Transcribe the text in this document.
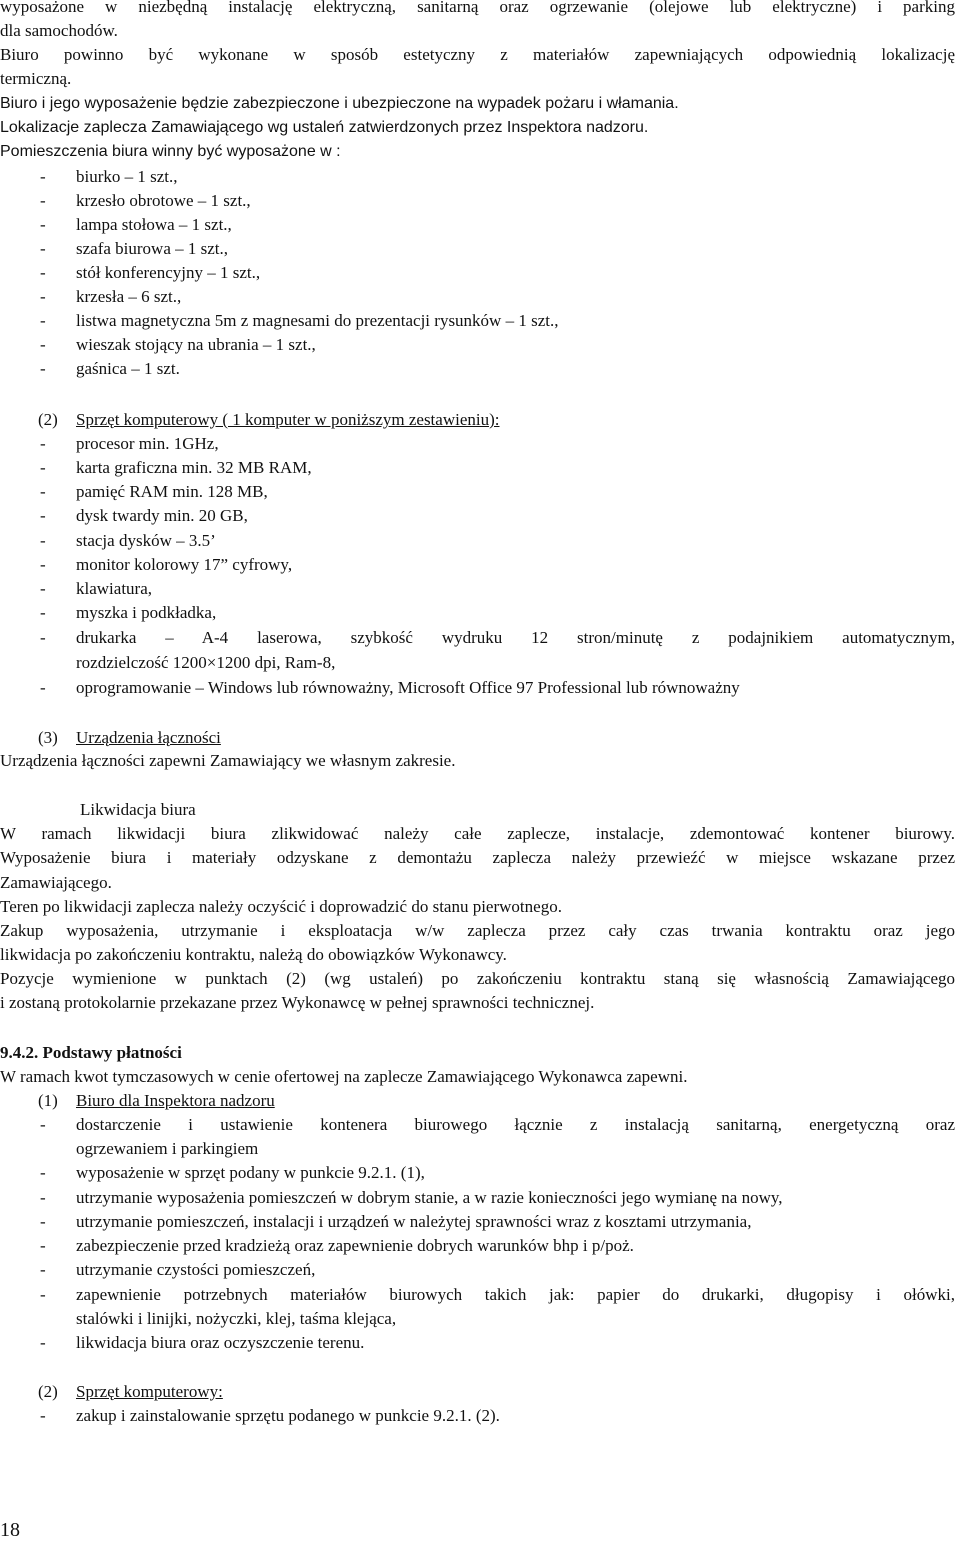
wyposażone w niezbędną instalację elektryczną, sanitarną oraz ogrzewanie (olejowe lub elektryczne) i parking
dla samochodów.
Biuro powinno być wykonane w sposób estetyczny z materiałów zapewniających odpowiednią lokalizację
termiczną.
Biuro i jego wyposażenie będzie zabezpieczone i ubezpieczone na wypadek pożaru i włamania.
Lokalizacje zaplecza Zamawiającego wg ustaleń zatwierdzonych przez Inspektora nadzoru.
Pomieszczenia biura winny być wyposażone w :
- biurko – 1 szt.,
- krzesło obrotowe – 1 szt.,
- lampa stołowa – 1 szt.,
- szafa biurowa – 1 szt.,
- stół konferencyjny – 1 szt.,
- krzesła – 6 szt.,
- listwa magnetyczna 5m z magnesami do prezentacji rysunków – 1 szt.,
- wieszak stojący na ubrania – 1 szt.,
- gaśnica – 1 szt.
(2) Sprzęt komputerowy ( 1 komputer w poniższym zestawieniu):
- procesor min. 1GHz,
- karta graficzna min. 32 MB RAM,
- pamięć RAM min. 128 MB,
- dysk twardy min. 20 GB,
- stacja dysków – 3.5’
- monitor kolorowy 17” cyfrowy,
- klawiatura,
- myszka i podkładka,
- drukarka – A-4 laserowa, szybkość wydruku 12 stron/minutę z podajnikiem automatycznym,
rozdzielczość 1200×1200 dpi, Ram-8,
- oprogramowanie – Windows lub równoważny, Microsoft Office 97 Professional lub równoważny
(3) Urządzenia łączności
Urządzenia łączności zapewni Zamawiający we własnym zakresie.
Likwidacja biura
W ramach likwidacji biura zlikwidować należy całe zaplecze, instalacje, zdemontować kontener biurowy.
Wyposażenie biura i materiały odzyskane z demontażu zaplecza należy przewieźć w miejsce wskazane przez
Zamawiającego.
Teren po likwidacji zaplecza należy oczyścić i doprowadzić do stanu pierwotnego.
Zakup wyposażenia, utrzymanie i eksploatacja w/w zaplecza przez cały czas trwania kontraktu oraz jego
likwidacja po zakończeniu kontraktu, należą do obowiązków Wykonawcy.
Pozycje wymienione w punktach (2) (wg ustaleń) po zakończeniu kontraktu staną się własnością Zamawiającego
i zostaną protokolarnie przekazane przez Wykonawcę w pełnej sprawności technicznej.
9.4.2. Podstawy płatności
W ramach kwot tymczasowych w cenie ofertowej na zaplecze Zamawiającego Wykonawca zapewni.
(1) Biuro dla Inspektora nadzoru
- dostarczenie i ustawienie kontenera biurowego łącznie z instalacją sanitarną, energetyczną oraz
ogrzewaniem i parkingiem
- wyposażenie w sprzęt podany w punkcie 9.2.1. (1),
- utrzymanie wyposażenia pomieszczeń w dobrym stanie, a w razie konieczności jego wymianę na nowy,
- utrzymanie pomieszczeń, instalacji i urządzeń w należytej sprawności wraz z kosztami utrzymania,
- zabezpieczenie przed kradzieżą oraz zapewnienie dobrych warunków bhp i p/poż.
- utrzymanie czystości pomieszczeń,
- zapewnienie potrzebnych materiałów biurowych takich jak: papier do drukarki, długopisy i ołówki,
stalówki i linijki, nożyczki, klej, taśma klejąca,
- likwidacja biura oraz oczyszczenie terenu.
(2) Sprzęt komputerowy:
- zakup i zainstalowanie sprzętu podanego w punkcie 9.2.1. (2).
18
